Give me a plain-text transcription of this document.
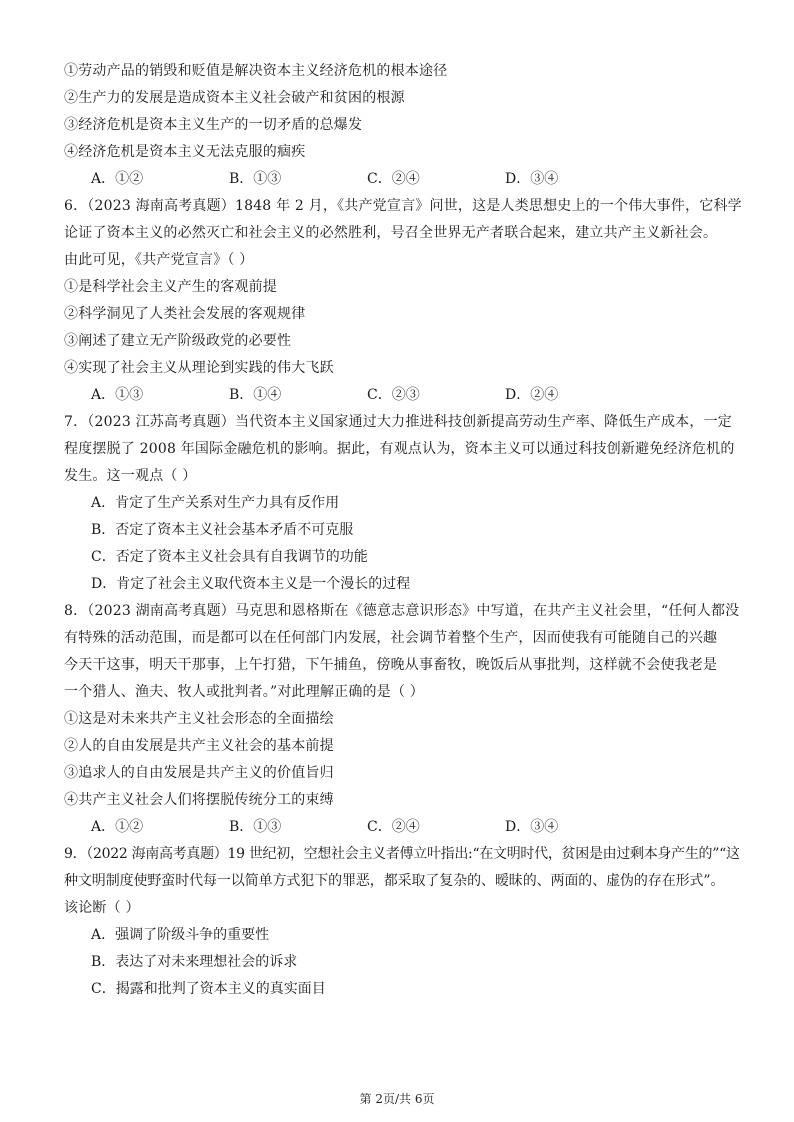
①劳动产品的销毁和贬值是解决资本主义经济危机的根本途径
②生产力的发展是造成资本主义社会破产和贫困的根源
③经济危机是资本主义生产的一切矛盾的总爆发
④经济危机是资本主义无法克服的痼疾
A．①②	B．①③	C．②④	D．③④
6．（2023 海南高考真题）1848 年 2 月，《共产党宣言》问世，这是人类思想史上的一个伟大事件，它科学
论证了资本主义的必然灭亡和社会主义的必然胜利，号召全世界无产者联合起来，建立共产主义新社会。
由此可见，《共产党宣言》（ ）
①是科学社会主义产生的客观前提
②科学洞见了人类社会发展的客观规律
③阐述了建立无产阶级政党的必要性
④实现了社会主义从理论到实践的伟大飞跃
A．①③	B．①④	C．②③	D．②④
7．（2023 江苏高考真题）当代资本主义国家通过大力推进科技创新提高劳动生产率、降低生产成本，一定
程度摆脱了 2008 年国际金融危机的影响。据此，有观点认为，资本主义可以通过科技创新避免经济危机的
发生。这一观点（ ）
A．肯定了生产关系对生产力具有反作用
B．否定了资本主义社会基本矛盾不可克服
C．否定了资本主义社会具有自我调节的功能
D．肯定了社会主义取代资本主义是一个漫长的过程
8．（2023 湖南高考真题）马克思和恩格斯在《德意志意识形态》中写道，在共产主义社会里，“任何人都没
有特殊的活动范围，而是都可以在任何部门内发展，社会调节着整个生产，因而使我有可能随自己的兴趣
今天干这事，明天干那事，上午打猎，下午捕鱼，傍晚从事畜牧，晚饭后从事批判，这样就不会使我老是
一个猎人、渔夫、牧人或批判者。”对此理解正确的是（ ）
①这是对未来共产主义社会形态的全面描绘
②人的自由发展是共产主义社会的基本前提
③追求人的自由发展是共产主义的价值旨归
④共产主义社会人们将摆脱传统分工的束缚
A．①②	B．①③	C．②④	D．③④
9．（2022 海南高考真题）19 世纪初，空想社会主义者傅立叶指出:“在文明时代，贫困是由过剩本身产生的”“这
种文明制度使野蛮时代每一以简单方式犯下的罪恶，都采取了复杂的、暧昧的、两面的、虚伪的存在形式”。
该论断（ ）
A．强调了阶级斗争的重要性
B．表达了对未来理想社会的诉求
C．揭露和批判了资本主义的真实面目
第 2页/共 6页
